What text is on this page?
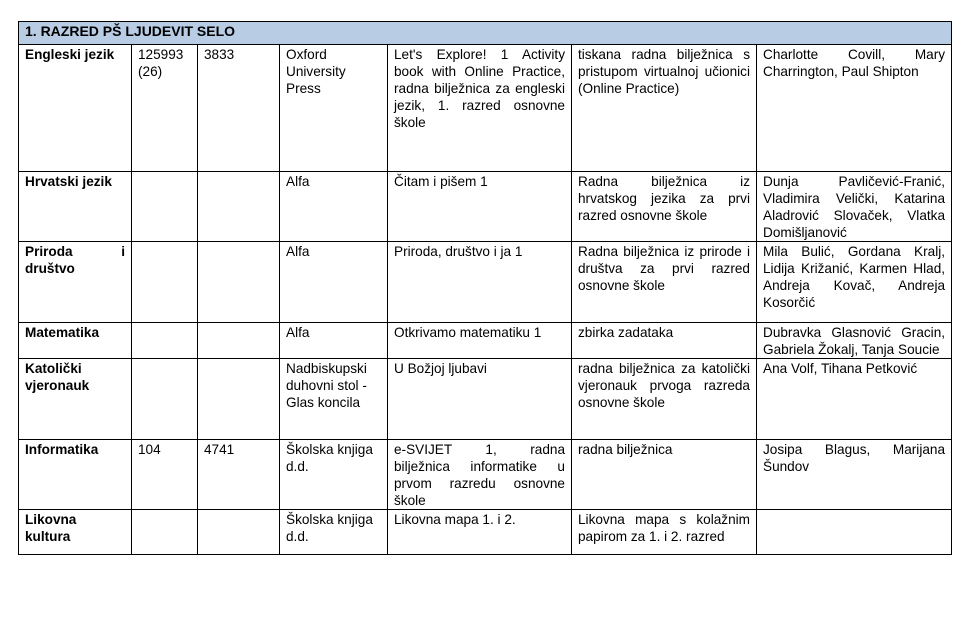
1. RAZRED PŠ LJUDEVIT SELO						
Engleski jezik	125993 (26)	3833	Oxford University Press	Let's Explore! 1 Activity book with Online Practice, radna bilježnica za engleski jezik, 1. razred osnovne škole	tiskana radna bilježnica s pristupom virtualnoj učionici (Online Practice)	Charlotte Covill, Mary Charrington, Paul Shipton
Hrvatski jezik			Alfa	Čitam i pišem 1	Radna bilježnica iz hrvatskog jezika za prvi razred osnovne škole	Dunja Pavličević-Franić, Vladimira Velički, Katarina Aladrović Slovaček, Vlatka Domišljanović
Priroda i društvo			Alfa	Priroda, društvo i ja 1	Radna bilježnica iz prirode i društva za prvi razred osnovne škole	Mila Bulić, Gordana Kralj, Lidija Križanić, Karmen Hlad, Andreja Kovač, Andreja Kosorčić
Matematika			Alfa	Otkrivamo matematiku 1	zbirka zadataka	Dubravka Glasnović Gracin, Gabriela Žokalj, Tanja Soucie
Katolički vjeronauk			Nadbiskupski duhovni stol - Glas koncila	U Božjoj ljubavi	radna bilježnica za katolički vjeronauk prvoga razreda osnovne škole	Ana Volf, Tihana Petković
Informatika	104	4741	Školska knjiga d.d.	e-SVIJET 1, radna bilježnica informatike u prvom razredu osnovne škole	radna bilježnica	Josipa Blagus, Marijana Šundov
Likovna kultura			Školska knjiga d.d.	Likovna mapa 1. i 2.	Likovna mapa s kolažnim papirom za 1. i 2. razred	
